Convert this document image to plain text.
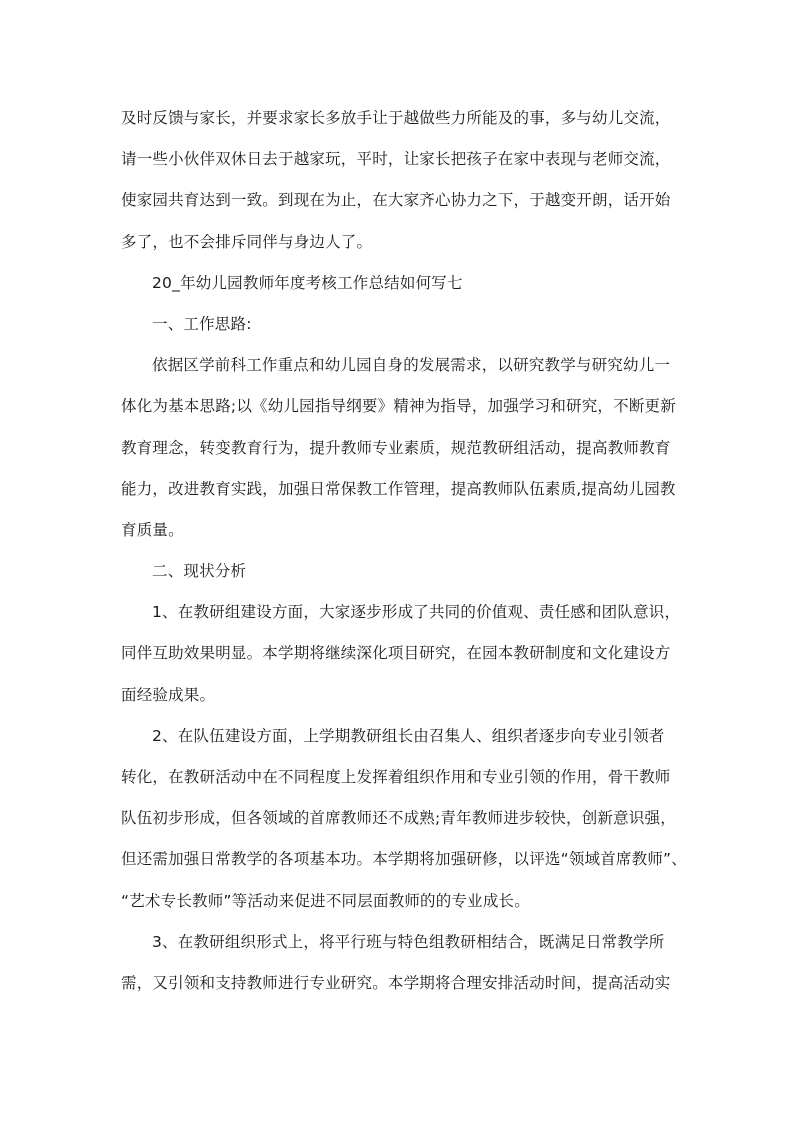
及时反馈与家长，并要求家长多放手让于越做些力所能及的事，多与幼儿交流，
请一些小伙伴双休日去于越家玩，平时，让家长把孩子在家中表现与老师交流，
使家园共育达到一致。到现在为止，在大家齐心协力之下，于越变开朗，话开始
多了，也不会排斥同伴与身边人了。
20_年幼儿园教师年度考核工作总结如何写七
一、工作思路:
依据区学前科工作重点和幼儿园自身的发展需求，以研究教学与研究幼儿一
体化为基本思路;以《幼儿园指导纲要》精神为指导，加强学习和研究，不断更新
教育理念，转变教育行为，提升教师专业素质，规范教研组活动，提高教师教育
能力，改进教育实践，加强日常保教工作管理，提高教师队伍素质,提高幼儿园教
育质量。
二、现状分析
1、在教研组建设方面，大家逐步形成了共同的价值观、责任感和团队意识，
同伴互助效果明显。本学期将继续深化项目研究，在园本教研制度和文化建设方
面经验成果。
2、在队伍建设方面，上学期教研组长由召集人、组织者逐步向专业引领者
转化，在教研活动中在不同程度上发挥着组织作用和专业引领的作用，骨干教师
队伍初步形成，但各领域的首席教师还不成熟;青年教师进步较快，创新意识强，
但还需加强日常教学的各项基本功。本学期将加强研修，以评选“领域首席教师”、
“艺术专长教师”等活动来促进不同层面教师的的专业成长。
3、在教研组织形式上，将平行班与特色组教研相结合，既满足日常教学所
需，又引领和支持教师进行专业研究。本学期将合理安排活动时间，提高活动实
